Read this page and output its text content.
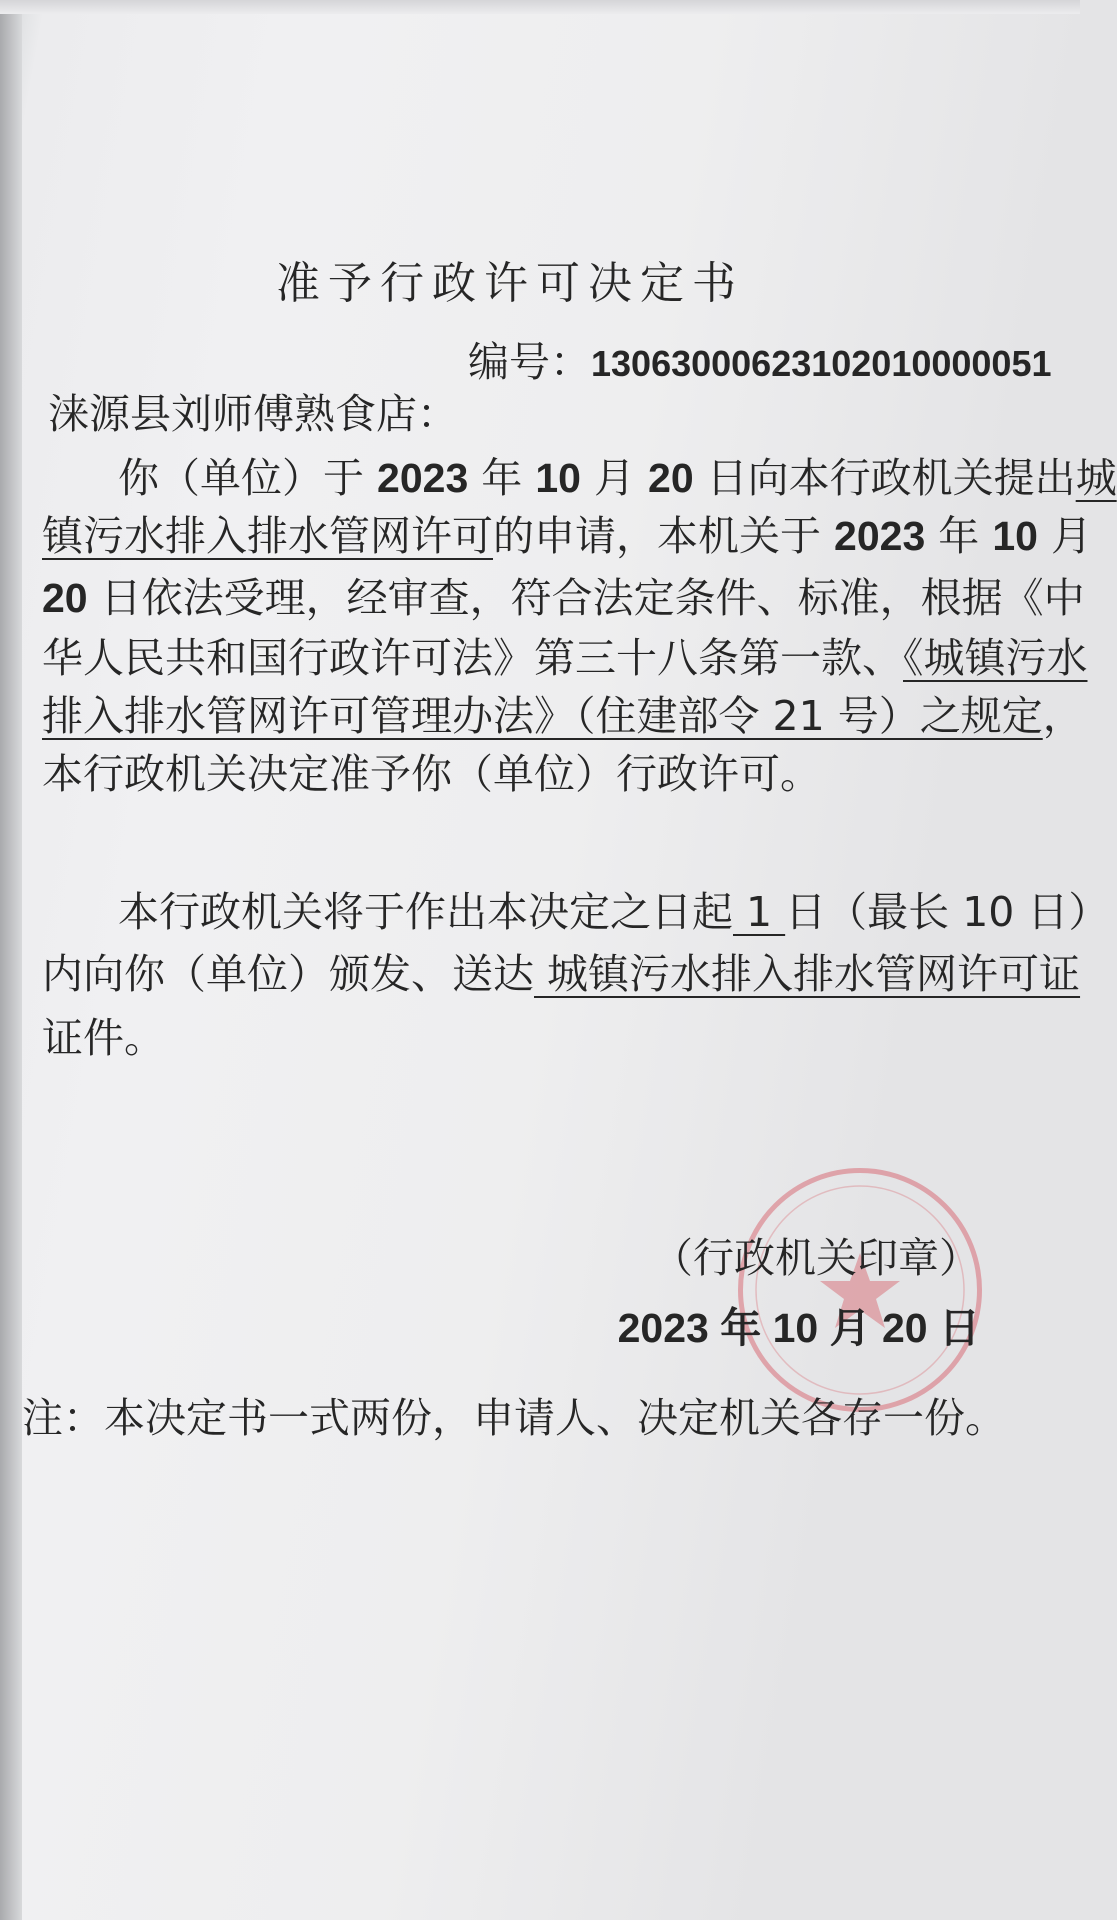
准予行政许可决定书
编号：13063000623102010000051
涞源县刘师傅熟食店：
你（单位）于 2023 年 10 月 20 日向本行政机关提出城
镇污水排入排水管网许可的申请，本机关于 2023 年 10 月
20 日依法受理，经审查，符合法定条件、标准，根据《中
华人民共和国行政许可法》第三十八条第一款、《城镇污水
排入排水管网许可管理办法》（住建部令 21 号）之规定，
本行政机关决定准予你（单位）行政许可。
本行政机关将于作出本决定之日起 1 日（最长 10 日）
内向你（单位）颁发、送达 城镇污水排入排水管网许可证
证件。
（行政机关印章）
2023 年 10 月 20 日
注：本决定书一式两份，申请人、决定机关各存一份。
